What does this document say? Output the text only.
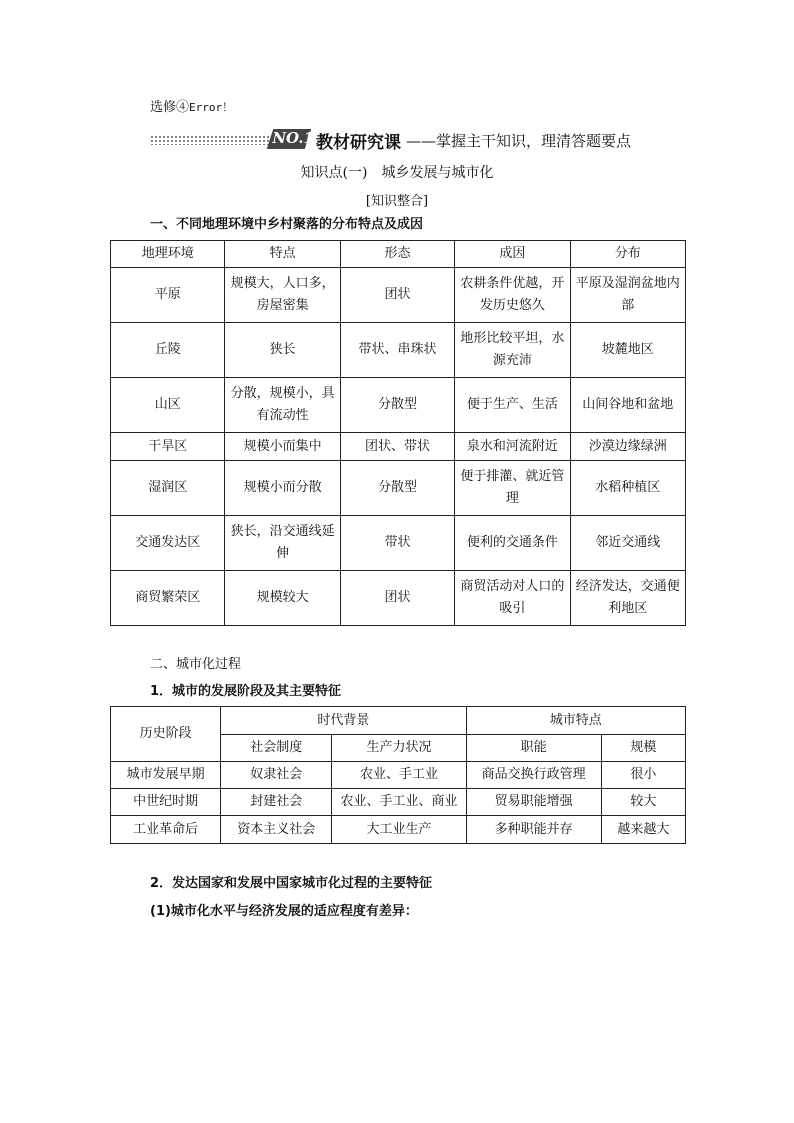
选修④Error！
NO.1 教材研究课 ——掌握主干知识，理清答题要点
知识点(一)　城乡发展与城市化
[知识整合]
一、不同地理环境中乡村聚落的分布特点及成因
地理环境	特点	形态	成因	分布
平原	规模大，人口多，房屋密集	团状	农耕条件优越，开发历史悠久	平原及湿润盆地内部
丘陵	狭长	带状、串珠状	地形比较平坦，水源充沛	坡麓地区
山区	分散，规模小，具有流动性	分散型	便于生产、生活	山间谷地和盆地
干旱区	规模小而集中	团状、带状	泉水和河流附近	沙漠边缘绿洲
湿润区	规模小而分散	分散型	便于排灌、就近管理	水稻种植区
交通发达区	狭长，沿交通线延伸	带状	便利的交通条件	邻近交通线
商贸繁荣区	规模较大	团状	商贸活动对人口的吸引	经济发达，交通便利地区
二、城市化过程
1．城市的发展阶段及其主要特征
历史阶段	时代背景		城市特点	
	社会制度	生产力状况	职能	规模
城市发展早期	奴隶社会	农业、手工业	商品交换行政管理	很小
中世纪时期	封建社会	农业、手工业、商业	贸易职能增强	较大
工业革命后	资本主义社会	大工业生产	多种职能并存	越来越大
2．发达国家和发展中国家城市化过程的主要特征
(1)城市化水平与经济发展的适应程度有差异：
